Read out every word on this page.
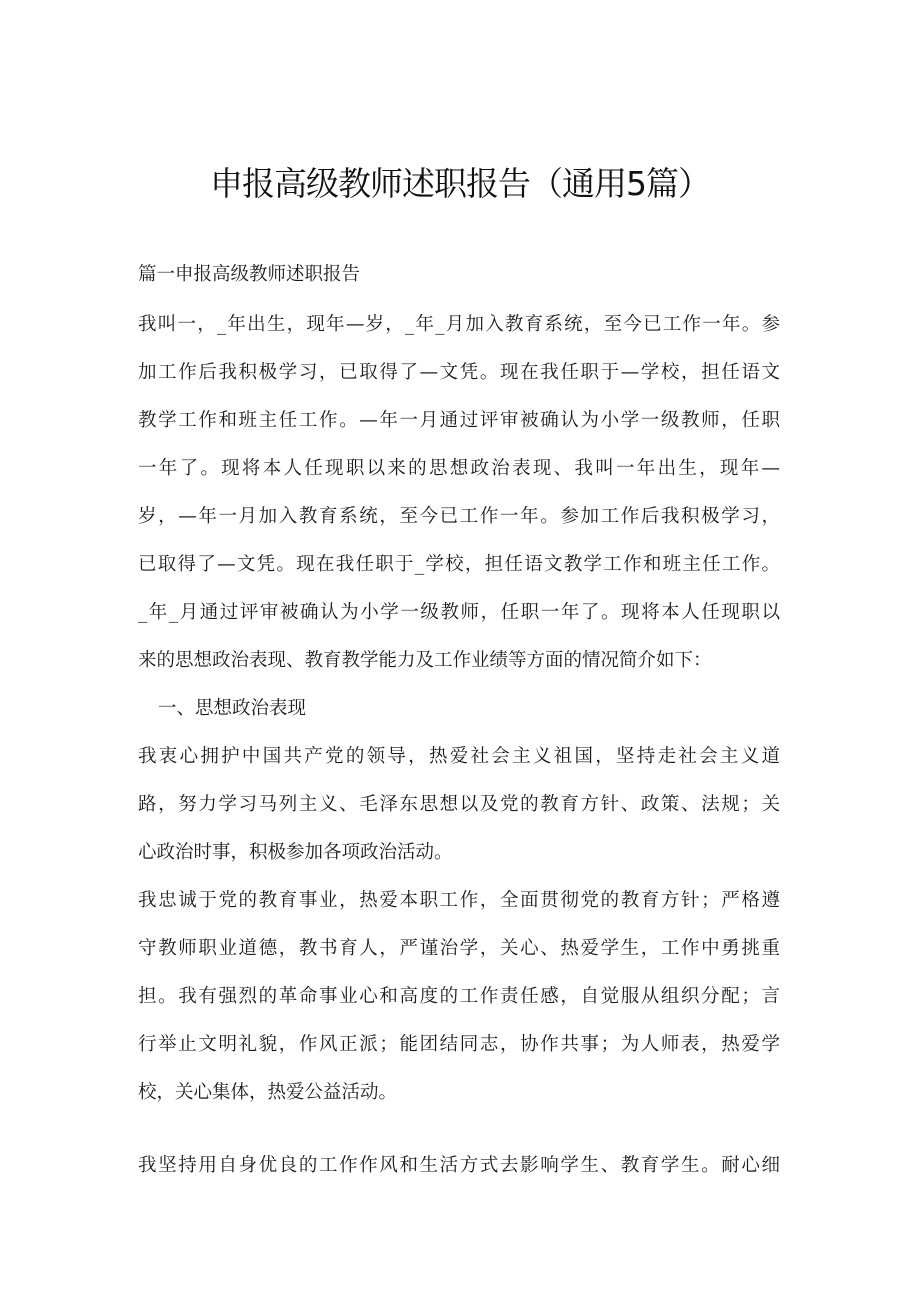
申报高级教师述职报告（通用5篇）
篇一申报高级教师述职报告
我叫一，_年出生，现年—岁，_年_月加入教育系统，至今已工作一年。参
加工作后我积极学习，已取得了—文凭。现在我任职于—学校，担任语文
教学工作和班主任工作。—年一月通过评审被确认为小学一级教师，任职
一年了。现将本人任现职以来的思想政治表现、我叫一年出生，现年—
岁，—年一月加入教育系统，至今已工作一年。参加工作后我积极学习，
已取得了—文凭。现在我任职于_学校，担任语文教学工作和班主任工作。
_年_月通过评审被确认为小学一级教师，任职一年了。现将本人任现职以
来的思想政治表现、教育教学能力及工作业绩等方面的情况简介如下：
一、思想政治表现
我衷心拥护中国共产党的领导，热爱社会主义祖国，坚持走社会主义道
路，努力学习马列主义、毛泽东思想以及党的教育方针、政策、法规；关
心政治时事，积极参加各项政治活动。
我忠诚于党的教育事业，热爱本职工作，全面贯彻党的教育方针；严格遵
守教师职业道德，教书育人，严谨治学，关心、热爱学生，工作中勇挑重
担。我有强烈的革命事业心和高度的工作责任感，自觉服从组织分配；言
行举止文明礼貌，作风正派；能团结同志，协作共事；为人师表，热爱学
校，关心集体，热爱公益活动。
我坚持用自身优良的工作作风和生活方式去影响学生、教育学生。耐心细
